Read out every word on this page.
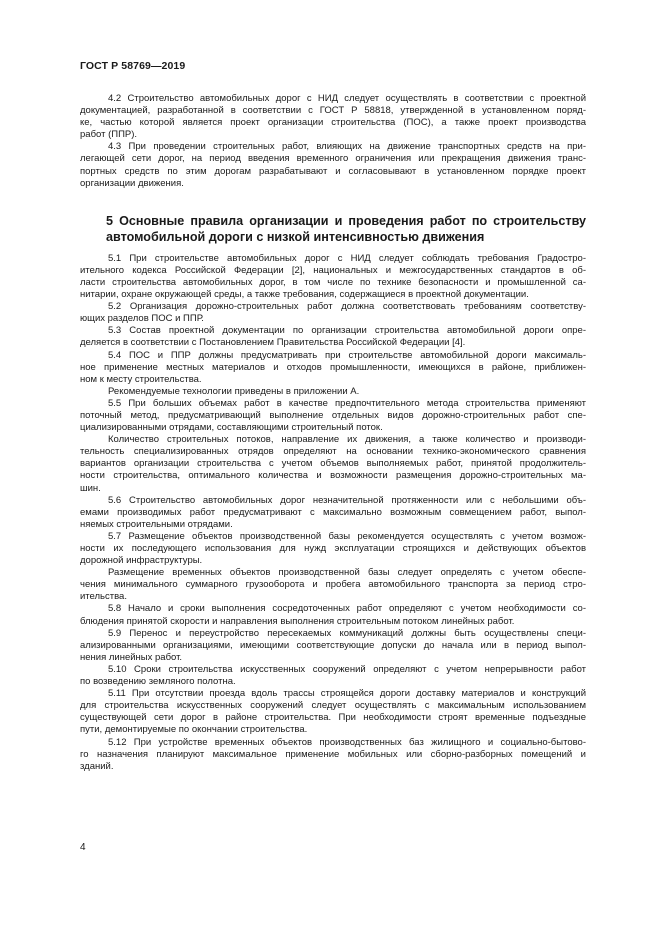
ГОСТ Р 58769—2019

4.2 Строительство автомобильных дорог с НИД следует осуществлять в соответствии с проектной
документацией, разработанной в соответствии с ГОСТ Р 58818, утвержденной в установленном поряд-
ке, частью которой является проект организации строительства (ПОС), а также проект производства
работ (ППР).

4.3 При проведении строительных работ, влияющих на движение транспортных средств на при-
легающей сети дорог, на период введения временного ограничения или прекращения движения транс-
портных средств по этим дорогам разрабатывают и согласовывают в установленном порядке проект
организации движения.

5 Основные правила организации и проведения работ по строительству
автомобильной дороги с низкой интенсивностью движения

5.1 При строительстве автомобильных дорог с НИД следует соблюдать требования Градостро-
ительного кодекса Российской Федерации [2], национальных и межгосударственных стандартов в об-
ласти строительства автомобильных дорог, в том числе по технике безопасности и промышленной са-
нитарии, охране окружающей среды, а также требования, содержащиеся в проектной документации.

5.2 Организация дорожно-строительных работ должна соответствовать требованиям соответству-
ющих разделов ПОС и ППР.

5.3 Состав проектной документации по организации строительства автомобильной дороги опре-
деляется в соответствии с Постановлением Правительства Российской Федерации [4].

5.4 ПОС и ППР должны предусматривать при строительстве автомобильной дороги максималь-
ное применение местных материалов и отходов промышленности, имеющихся в районе, приближен-
ном к месту строительства.

Рекомендуемые технологии приведены в приложении А.

5.5 При больших объемах работ в качестве предпочтительного метода строительства применяют
поточный метод, предусматривающий выполнение отдельных видов дорожно-строительных работ спе-
циализированными отрядами, составляющими строительный поток.

Количество строительных потоков, направление их движения, а также количество и производи-
тельность специализированных отрядов определяют на основании технико-экономического сравнения
вариантов организации строительства с учетом объемов выполняемых работ, принятой продолжитель-
ности строительства, оптимального количества и возможности размещения дорожно-строительных ма-
шин.

5.6 Строительство автомобильных дорог незначительной протяженности или с небольшими объ-
емами производимых работ предусматривают с максимально возможным совмещением работ, выпол-
няемых строительными отрядами.

5.7 Размещение объектов производственной базы рекомендуется осуществлять с учетом возмож-
ности их последующего использования для нужд эксплуатации строящихся и действующих объектов
дорожной инфраструктуры.

Размещение временных объектов производственной базы следует определять с учетом обеспе-
чения минимального суммарного грузооборота и пробега автомобильного транспорта за период стро-
ительства.

5.8 Начало и сроки выполнения сосредоточенных работ определяют с учетом необходимости со-
блюдения принятой скорости и направления выполнения строительным потоком линейных работ.

5.9 Перенос и переустройство пересекаемых коммуникаций должны быть осуществлены специ-
ализированными организациями, имеющими соответствующие допуски до начала или в период выпол-
нения линейных работ.

5.10 Сроки строительства искусственных сооружений определяют с учетом непрерывности работ
по возведению земляного полотна.

5.11 При отсутствии проезда вдоль трассы строящейся дороги доставку материалов и конструкций
для строительства искусственных сооружений следует осуществлять с максимальным использованием
существующей сети дорог в районе строительства. При необходимости строят временные подъездные
пути, демонтируемые по окончании строительства.

5.12 При устройстве временных объектов производственных баз жилищного и социально-бытово-
го назначения планируют максимальное применение мобильных или сборно-разборных помещений и
зданий.

4
